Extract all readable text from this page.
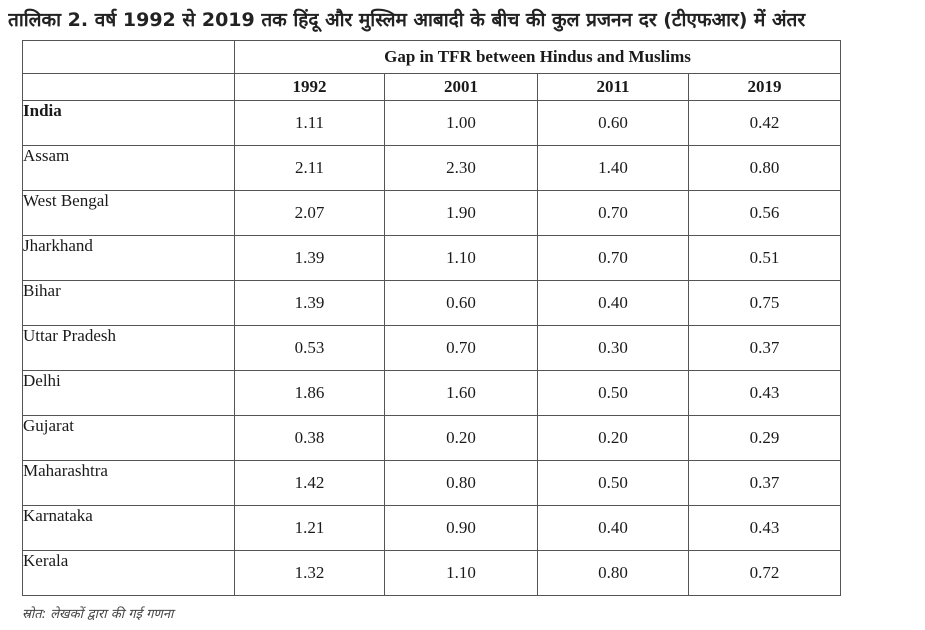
तालिका 2. वर्ष 1992 से 2019 तक हिंदू और मुस्लिम आबादी के बीच की कुल प्रजनन दर (टीएफआर) में अंतर
	Gap in TFR between Hindus and Muslims			
	1992	2001	2011	2019
India	1.11	1.00	0.60	0.42
Assam	2.11	2.30	1.40	0.80
West Bengal	2.07	1.90	0.70	0.56
Jharkhand	1.39	1.10	0.70	0.51
Bihar	1.39	0.60	0.40	0.75
Uttar Pradesh	0.53	0.70	0.30	0.37
Delhi	1.86	1.60	0.50	0.43
Gujarat	0.38	0.20	0.20	0.29
Maharashtra	1.42	0.80	0.50	0.37
Karnataka	1.21	0.90	0.40	0.43
Kerala	1.32	1.10	0.80	0.72
स्रोत: लेखकों द्वारा की गई गणना
